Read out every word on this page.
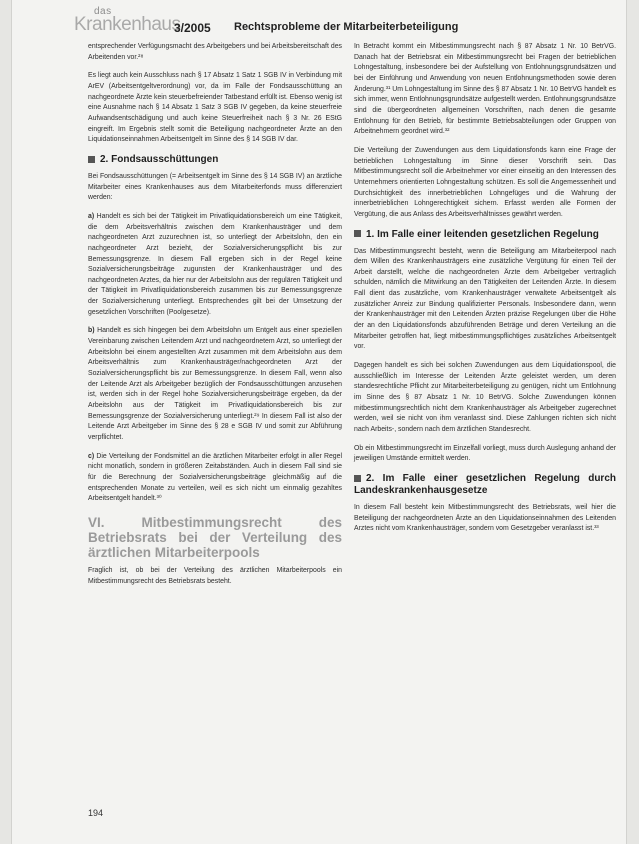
das
Krankenhaus
3/2005 Rechtsprobleme der Mitarbeiterbeteiligung

entsprechender Verfügungsmacht des Arbeitgebers und bei Arbeitsbereitschaft des Arbeitenden vor.²⁸

Es liegt auch kein Ausschluss nach § 17 Absatz 1 Satz 1 SGB IV in Verbindung mit ArEV (Arbeitsentgeltverordnung) vor, da im Falle der Fondsausschüttung an nachgeordnete Ärzte kein steuerbefreiender Tatbestand erfüllt ist. Ebenso wenig ist eine Ausnahme nach § 14 Absatz 1 Satz 3 SGB IV gegeben, da keine steuerfreie Aufwandsentschädigung und auch keine Steuerfreiheit nach § 3 Nr. 26 EStG eingreift. Im Ergebnis stellt somit die Beteiligung nachgeordneter Ärzte an den Liquidationseinnahmen Arbeitsentgelt im Sinne des § 14 SGB IV dar.

2. Fondsausschüttungen

Bei Fondsausschüttungen (= Arbeitsentgelt im Sinne des § 14 SGB IV) an ärztliche Mitarbeiter eines Krankenhauses aus dem Mitarbeiterfonds muss differenziert werden:

a) Handelt es sich bei der Tätigkeit im Privatliquidationsbereich um eine Tätigkeit, die dem Arbeitsverhältnis zwischen dem Krankenhausträger und dem nachgeordneten Arzt zuzurechnen ist, so unterliegt der Arbeitslohn, den ein nachgeordneter Arzt bezieht, der Sozialversicherungspflicht bis zur Bemessungsgrenze. In diesem Fall ergeben sich in der Regel keine Sozialversicherungsbeiträge zugunsten der Krankenhausträger und des nachgeordneten Arztes, da hier nur der Arbeitslohn aus der regulären Tätigkeit und der Tätigkeit im Privatliquidationsbereich zusammen bis zur Bemessungsgrenze der Sozialversicherung unterliegt. Entsprechendes gilt bei der Umsetzung der gesetzlichen Vorschriften (Poolgesetze).

b) Handelt es sich hingegen bei dem Arbeitslohn um Entgelt aus einer speziellen Vereinbarung zwischen Leitendem Arzt und nachgeordnetem Arzt, so unterliegt der Arbeitslohn bei einem angestellten Arzt zusammen mit dem Arbeitslohn aus dem Arbeitsverhältnis zum Krankenhausträger/nachgeordneten Arzt der Sozialversicherungspflicht bis zur Bemessungsgrenze. In diesem Fall, wenn also der Leitende Arzt als Arbeitgeber bezüglich der Fondsausschüttungen anzusehen ist, werden sich in der Regel hohe Sozialversicherungsbeiträge ergeben, da der Arbeitslohn aus der Tätigkeit im Privatliquidationsbereich bis zur Bemessungsgrenze der Sozialversicherung unterliegt.²⁹ In diesem Fall ist also der Leitende Arzt Arbeitgeber im Sinne des § 28 e SGB IV und somit zur Abführung verpflichtet.

c) Die Verteilung der Fondsmittel an die ärztlichen Mitarbeiter erfolgt in aller Regel nicht monatlich, sondern in größeren Zeitabständen. Auch in diesem Fall sind sie für die Berechnung der Sozialversicherungsbeiträge gleichmäßig auf die entsprechenden Monate zu verteilen, weil es sich nicht um einmalig gezahltes Arbeitsentgelt handelt.³⁰

VI. Mitbestimmungsrecht des Betriebsrats bei der Verteilung des ärztlichen Mitarbeiterpools

Fraglich ist, ob bei der Verteilung des ärztlichen Mitarbeiterpools ein Mitbestimmungsrecht des Betriebsrats besteht.

In Betracht kommt ein Mitbestimmungsrecht nach § 87 Absatz 1 Nr. 10 BetrVG. Danach hat der Betriebsrat ein Mitbestimmungsrecht bei Fragen der betrieblichen Lohngestaltung, insbesondere bei der Aufstellung von Entlohnungsgrundsätzen und bei der Einführung und Anwendung von neuen Entlohnungsmethoden sowie deren Änderung.³¹ Um Lohngestaltung im Sinne des § 87 Absatz 1 Nr. 10 BetrVG handelt es sich immer, wenn Entlohnungsgrundsätze aufgestellt werden. Entlohnungsgrundsätze sind die übergeordneten allgemeinen Vorschriften, nach denen die gesamte Entlohnung für den Betrieb, für bestimmte Betriebsabteilungen oder Gruppen von Arbeitnehmern geordnet wird.³²

Die Verteilung der Zuwendungen aus dem Liquidationsfonds kann eine Frage der betrieblichen Lohngestaltung im Sinne dieser Vorschrift sein. Das Mitbestimmungsrecht soll die Arbeitnehmer vor einer einseitig an den Interessen des Unternehmers orientierten Lohngestaltung schützen. Es soll die Angemessenheit und Durchsichtigkeit des innerbetrieblichen Lohngefüges und die Wahrung der innerbetrieblichen Lohngerechtigkeit sichern. Erfasst werden alle Formen der Vergütung, die aus Anlass des Arbeitsverhältnisses gewährt werden.

1. Im Falle einer leitenden gesetzlichen Regelung

Das Mitbestimmungsrecht besteht, wenn die Beteiligung am Mitarbeiterpool nach dem Willen des Krankenhausträgers eine zusätzliche Vergütung für einen Teil der Arbeit darstellt, welche die nachgeordneten Ärzte dem Arbeitgeber vertraglich schulden, nämlich die Mitwirkung an den Tätigkeiten der Leitenden Ärzte. In diesem Fall dient das zusätzliche, vom Krankenhausträger verwaltete Arbeitsentgelt als zusätzlicher Anreiz zur Bindung qualifizierter Personals. Insbesondere dann, wenn der Krankenhausträger mit den Leitenden Ärzten präzise Regelungen über die Höhe der an den Liquidationsfonds abzuführenden Beträge und deren Verteilung an die Mitarbeiter getroffen hat, liegt mitbestimmungspflichtiges zusätzliches Arbeitsentgelt vor.

Dagegen handelt es sich bei solchen Zuwendungen aus dem Liquidationspool, die ausschließlich im Interesse der Leitenden Ärzte geleistet werden, um deren standesrechtliche Pflicht zur Mitarbeiterbeteiligung zu genügen, nicht um Entlohnung im Sinne des § 87 Absatz 1 Nr. 10 BetrVG. Solche Zuwendungen können mitbestimmungsrechtlich nicht dem Krankenhausträger als Arbeitgeber zugerechnet werden, weil sie nicht von ihm veranlasst sind. Diese Zahlungen richten sich nicht nach Arbeits-, sondern nach dem ärztlichen Standesrecht.

Ob ein Mitbestimmungsrecht im Einzelfall vorliegt, muss durch Auslegung anhand der jeweiligen Umstände ermittelt werden.

2. Im Falle einer gesetzlichen Regelung durch Landeskrankenhausgesetze

In diesem Fall besteht kein Mitbestimmungsrecht des Betriebsrats, weil hier die Beteiligung der nachgeordneten Ärzte an den Liquidationseinnahmen des Leitenden Arztes nicht vom Krankenhausträger, sondern vom Gesetzgeber veranlasst ist.³³

194
